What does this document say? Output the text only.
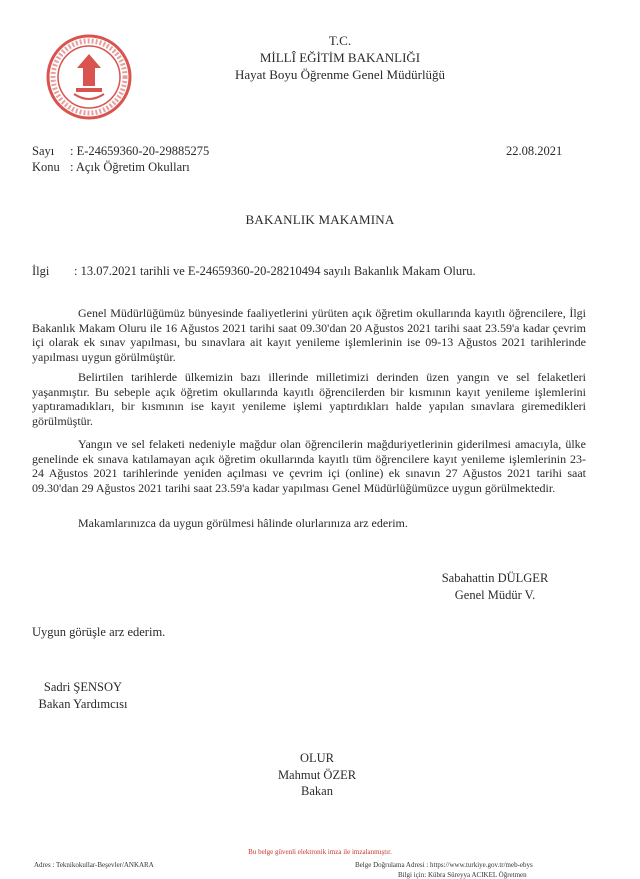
T.C.
MİLLÎ EĞİTİM BAKANLIĞI
Hayat Boyu Öğrenme Genel Müdürlüğü
Sayı : E-24659360-20-29885275
Konu : Açık Öğretim Okulları
22.08.2021
BAKANLIK MAKAMINA
İlgi : 13.07.2021 tarihli ve E-24659360-20-28210494 sayılı Bakanlık Makam Oluru.
Genel Müdürlüğümüz bünyesinde faaliyetlerini yürüten açık öğretim okullarında kayıtlı öğrencilere, İlgi Bakanlık Makam Oluru ile 16 Ağustos 2021 tarihi saat 09.30'dan 20 Ağustos 2021 tarihi saat 23.59'a kadar çevrim içi olarak ek sınav yapılması, bu sınavlara ait kayıt yenileme işlemlerinin ise 09-13 Ağustos 2021 tarihlerinde yapılması uygun görülmüştür.
Belirtilen tarihlerde ülkemizin bazı illerinde milletimizi derinden üzen yangın ve sel felaketleri yaşanmıştır. Bu sebeple açık öğretim okullarında kayıtlı öğrencilerden bir kısmının kayıt yenileme işlemlerini yaptıramadıkları, bir kısmının ise kayıt yenileme işlemi yaptırdıkları halde yapılan sınavlara giremedikleri görülmüştür.
Yangın ve sel felaketi nedeniyle mağdur olan öğrencilerin mağduriyetlerinin giderilmesi amacıyla, ülke genelinde ek sınava katılamayan açık öğretim okullarında kayıtlı tüm öğrencilere kayıt yenileme işlemlerinin 23-24 Ağustos 2021 tarihlerinde yeniden açılması ve çevrim içi (online) ek sınavın 27 Ağustos 2021 tarihi saat 09.30'dan 29 Ağustos 2021 tarihi saat 23.59'a kadar yapılması Genel Müdürlüğümüzce uygun görülmektedir.
Makamlarınızca da uygun görülmesi hâlinde olurlarınıza arz ederim.
Sabahattin DÜLGER
Genel Müdür V.
Uygun görüşle arz ederim.
Sadri ŞENSOY
Bakan Yardımcısı
OLUR
Mahmut ÖZER
Bakan
Bu belge güvenli elektronik imza ile imzalanmıştır.
Adres : Teknikokullar-Beşevler/ANKARA	Belge Doğrulama Adresi : https://www.turkiye.gov.tr/meb-ebys
Bilgi için: Kübra Süreyya ACIKEL Öğretmen
